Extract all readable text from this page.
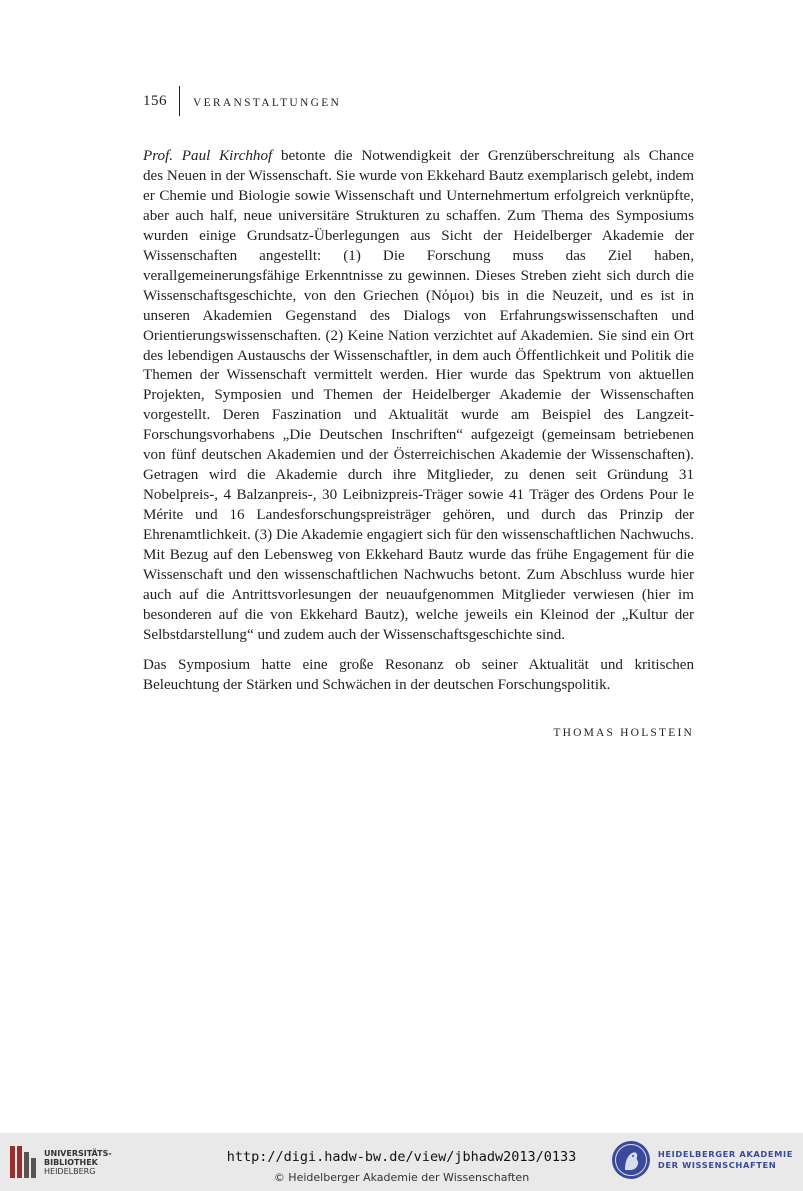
156 VERANSTALTUNGEN

Prof. Paul Kirchhof betonte die Notwendigkeit der Grenzüberschreitung als Chance
des Neuen in der Wissenschaft. Sie wurde von Ekkehard Bautz exemplarisch gelebt, indem er Chemie und Biologie sowie Wissenschaft und Unternehmertum erfolgreich verknüpfte, aber auch half, neue universitäre Strukturen zu schaffen. Zum Thema des Symposiums wurden einige Grundsatz-Überlegungen aus Sicht der Heidelberger Akademie der Wissenschaften angestellt: (1) Die Forschung muss das Ziel haben, verallgemeinerungsfähige Erkenntnisse zu gewinnen. Dieses Streben zieht sich durch die Wissenschaftsgeschichte, von den Griechen (Nόμοι) bis in die Neuzeit, und es ist in unseren Akademien Gegenstand des Dialogs von Erfahrungswissenschaften und Orientierungswissenschaften. (2) Keine Nation verzichtet auf Akademien. Sie sind ein Ort des lebendigen Austauschs der Wissenschaftler, in dem auch Öffentlichkeit und Politik die Themen der Wissenschaft vermittelt werden. Hier wurde das Spektrum von aktuellen Projekten, Symposien und Themen der Heidelberger Akademie der Wissenschaften vorgestellt. Deren Faszination und Aktualität wurde am Beispiel des Langzeit-Forschungsvorhabens „Die Deutschen Inschriften“ aufgezeigt (gemeinsam betriebenen von fünf deutschen Akademien und der Österreichischen Akademie der Wissenschaften). Getragen wird die Akademie durch ihre Mitglieder, zu denen seit Gründung 31 Nobelpreis-, 4 Balzanpreis-, 30 Leibnizpreis-Träger sowie 41 Träger des Ordens Pour le Mérite und 16 Landesforschungspreisträger gehören, und durch das Prinzip der Ehrenamtlichkeit. (3) Die Akademie engagiert sich für den wissenschaftlichen Nachwuchs. Mit Bezug auf den Lebensweg von Ekkehard Bautz wurde das frühe Engagement für die Wissenschaft und den wissenschaftlichen Nachwuchs betont. Zum Abschluss wurde hier auch auf die Antrittsvorlesungen der neuaufgenommen Mitglieder verwiesen (hier im besonderen auf die von Ekkehard Bautz), welche jeweils ein Kleinod der „Kultur der Selbstdarstellung“ und zudem auch der Wissenschaftsgeschichte sind.

Das Symposium hatte eine große Resonanz ob seiner Aktualität und kritischen Beleuchtung der Stärken und Schwächen in der deutschen Forschungspolitik.

THOMAS HOLSTEIN
UNIVERSITÄTS-
BIBLIOTHEK
HEIDELBERG
http://digi.hadw-bw.de/view/jbhadw2013/0133
© Heidelberger Akademie der Wissenschaften
HEIDELBERGER AKADEMIE
DER WISSENSCHAFTEN
